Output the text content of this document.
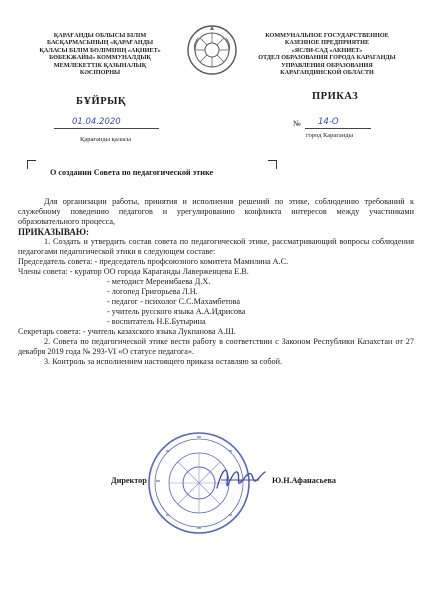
ҚАРАҒАНДЫ ОБЛЫСЫ БІЛІМ
БАСҚАРМАСЫНЫҢ «ҚАРАҒАНДЫ
ҚАЛАСЫ БІЛІМ БӨЛІМІНІҢ «АҚНИЕТ»
БӨБЕКЖАЙЫ» КОММУНАЛДЫҚ
МЕМЛЕКЕТТІК ҚАЗЫНАЛЫҚ
КӘСІПОРНЫ
КОММУНАЛЬНОЕ ГОСУДАРСТВЕННОЕ
КАЗЕННОЕ ПРЕДПРИЯТИЕ
«ЯСЛИ-САД «АКНИЕТ»
ОТДЕЛ ОБРАЗОВАНИЯ ГОРОДА КАРАГАНДЫ
УПРАВЛЕНИЯ ОБРАЗОВАНИЯ
КАРАГАНДИНСКОЙ ОБЛАСТИ
БҰЙРЫҚ	ПРИКАЗ
01.04.2020
Қарағанды қаласы
№ 14-О
город Караганды
О создании Совета по педагогической этике

Для организации работы, принятия и исполнения решений по этике, соблюдению требований к служебному поведению педагогов и урегулированию конфликта интересов между участниками образовательного процесса,

ПРИКАЗЫВАЮ:

1. Создать и утвердить состав совета по педагогической этике, рассматривающий вопросы соблюдения педагогами педагогической этики в следующем составе:

Председатель совета: - председатель профсоюзного комитета Мамилина А.С.

Члены совета: - куратор ОО города Караганды Лаверженцева Е.В.

- методист Мереимбаева Д.Х.

- логопед Григорьева Л.Н.

- педагог - психолог С.С.Махамбетова

- учитель русского языка А.А.Идрисова

- воспитатель Н.Е.Бутырина

Секретарь совета: - учитель казахского языка Лукпанова А.Ш.

2. Совета по педагогической этике вести работу в соответствии с Законом Республики Казахстан от 27 декабря 2019 года № 293-VI «О статусе педагога».

3. Контроль за исполнением настоящего приказа оставляю за собой.

Директор	Ю.Н.Афанасьева
